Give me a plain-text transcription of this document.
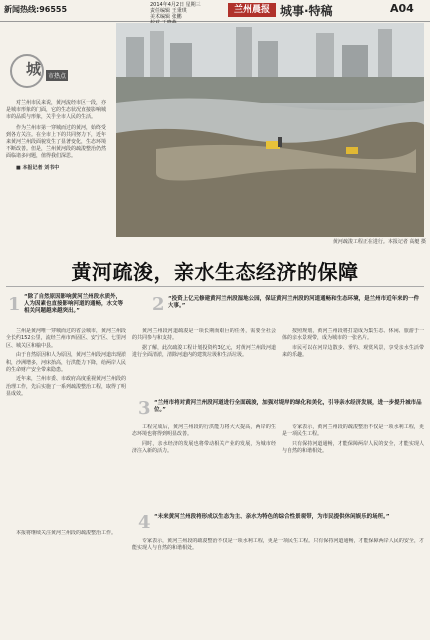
新闻热线:96555	2014年4月2日 星期三
责任编辑 王秉琪
美术编辑 张鹏
兰州晨报 城事·特稿	A04
城	市热点

对兰州市民来说，黄河流经市区一段，亦是城市形象的门面，它的生态状况直接影响城市的品质与形象，关乎全市人民的生活。

作为兰州市第一穿城而过的黄河，始终受到各方关注。在全市上下的共同努力下，近年来黄河兰州段面貌发生了显著变化，生态环境不断改善。但是，兰州黄河段的疏浚整治仍然面临诸多问题，值得我们深思。

■ 本报记者 刘书中
黄河疏浚工程正在进行。本报记者 高艇 摄
黄河疏浚，亲水生态经济的保障
1 “除了自然原因影响黄河兰州段水质外，人为因素也直接影响河道的通畅，水文等相关问题越来越突出。”	2 “投资上亿元修建黄河兰州段湿地公园，保证黄河兰州段的河道通畅和生态环境，是兰州市近年来的一件大事。”

兰州是黄河唯一穿城而过的省会城市，黄河兰州段全长约152公里，流经兰州市西固区、安宁区、七里河区、城关区和榆中县。

由于自然原因和人为原因，黄河兰州段河道出现淤积，沙洲增多，河床抬高，行洪能力下降，给两岸人民的生命财产安全带来隐患。

近年来，兰州市委、市政府高度重视黄河兰州段的治理工作，先后实施了一系列疏浚整治工程，取得了明显成效。

黄河兰州段河道疏浚是一项长期而艰巨的任务，需要全社会的共同参与和支持。

据了解，此次疏浚工程计划投资约3亿元，对黄河兰州段河道进行全面清淤，清除河道内的建筑垃圾和生活垃圾。

按照规划，黄河兰州段将打造成为集生态、休闲、旅游于一体的亲水景观带，成为城市的一张名片。

市民可以在河岸边散步、垂钓、观赏风景，享受亲水生活带来的乐趣。

3 “兰州市将对黄河兰州段河道进行全面疏浚，加强对堤岸的绿化和美化，引导亲水经济发展，进一步提升城市品位。”

工程完成后，黄河兰州段的行洪能力将大大提高，两岸的生态环境也将得到明显改善。

同时，亲水经济的发展也将带动相关产业的发展，为城市经济注入新的活力。

专家表示，黄河兰州段的疏浚整治不仅是一项水利工程，更是一项民生工程。

只有保持河道通畅，才能保障两岸人民的安全，才能实现人与自然的和谐相处。

4 “未来黄河兰州段将形成以生态为主、亲水为特色的综合性景观带，为市民提供休闲娱乐的场所。”

本报将继续关注黄河兰州段的疏浚整治工作。

专家表示，黄河兰州段的疏浚整治不仅是一项水利工程，更是一项民生工程。只有保持河道通畅，才能保障两岸人民的安全，才能实现人与自然的和谐相处。
